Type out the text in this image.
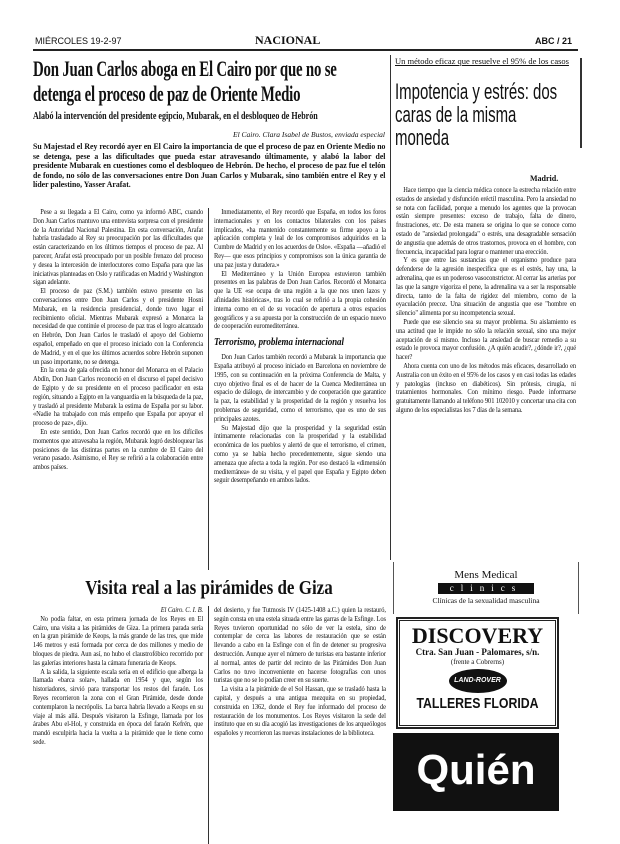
MIÉRCOLES 19-2-97	NACIONAL	ABC / 21
Don Juan Carlos aboga en El Cairo por que no se detenga el proceso de paz de Oriente Medio
Alabó la intervención del presidente egipcio, Mubarak, en el desbloqueo de Hebrón
El Cairo. Clara Isabel de Bustos, enviada especial
Su Majestad el Rey recordó ayer en El Cairo la importancia de que el proceso de paz en Oriente Medio no se detenga, pese a las dificultades que pueda estar atravesando últimamente, y alabó la labor del presidente Mubarak en cuestiones como el desbloqueo de Hebrón. De hecho, el proceso de paz fue el telón de fondo, no sólo de las conversaciones entre Don Juan Carlos y Mubarak, sino también entre el Rey y el líder palestino, Yasser Arafat.

Pese a su llegada a El Cairo, como ya informó ABC, cuando Don Juan Carlos mantuvo una entrevista sorpresa con el presidente de la Autoridad Nacional Palestina. En esta conversación, Arafat habría trasladado al Rey su preocupación por las dificultades que están caracterizando en los últimos tiempos el proceso de paz. Al parecer, Arafat está preocupado por un posible frenazo del proceso y desea la intercesión de interlocutores como España para que las iniciativas planteadas en Oslo y ratificadas en Madrid y Washington sigan adelante.

El proceso de paz (S.M.) también estuvo presente en las conversaciones entre Don Juan Carlos y el presidente Hosni Mubarak, en la residencia presidencial, donde tuvo lugar el recibimiento oficial. Mientras Mubarak expresó a Monarca la necesidad de que continúe el proceso de paz tras el logro alcanzado en Hebrón, Don Juan Carlos le trasladó el apoyo del Gobierno español, empeñado en que el proceso iniciado con la Conferencia de Madrid, y en el que los últimos acuerdos sobre Hebrón suponen un paso importante, no se detenga.

En la cena de gala ofrecida en honor del Monarca en el Palacio Abdín, Don Juan Carlos reconoció en el discurso el papel decisivo de Egipto y de su presidente en el proceso pacificador en esta región, situando a Egipto en la vanguardia en la búsqueda de la paz, y trasladó al presidente Mubarak la estima de España por su labor. «Nadie ha trabajado con más empeño que España por apoyar el proceso de paz», dijo.

En este sentido, Don Juan Carlos recordó que en los difíciles momentos que atravesaba la región, Mubarak logró desbloquear las posiciones de las distintas partes en la cumbre de El Cairo del verano pasado. Asimismo, el Rey se refirió a la colaboración entre ambos países.

Inmediatamente, el Rey recordó que España, en todos los foros internacionales y en los contactos bilaterales con los países implicados, «ha mantenido constantemente su firme apoyo a la aplicación completa y leal de los compromisos adquiridos en la Cumbre de Madrid y en los acuerdos de Oslo». «España —añadió el Rey— que esos principios y compromisos son la única garantía de una paz justa y duradera.»

El Mediterráneo y la Unión Europea estuvieron también presentes en las palabras de Don Juan Carlos. Recordó el Monarca que la UE «se ocupa de una región a la que nos unen lazos y afinidades históricas», tras lo cual se refirió a la propia cohesión interna como en el de su vocación de apertura a otros espacios geográficos y a su apuesta por la construcción de un espacio nuevo de cooperación euromediterránea.

Terrorismo, problema internacional

Don Juan Carlos también recordó a Mubarak la importancia que España atribuyó al proceso iniciado en Barcelona en noviembre de 1995, con su continuación en la próxima Conferencia de Malta, y cuyo objetivo final es el de hacer de la Cuenca Mediterránea un espacio de diálogo, de intercambio y de cooperación que garantice la paz, la estabilidad y la prosperidad de la región y resuelva los problemas de seguridad, como el terrorismo, que es uno de sus principales azotes.

Su Majestad dijo que la prosperidad y la seguridad están íntimamente relacionadas con la prosperidad y la estabilidad económica de los pueblos y alertó de que el terrorismo, el crimen, como ya se había hecho precedentemente, sigue siendo una amenaza que afecta a toda la región. Por eso destacó la «dimensión mediterránea» de su visita, y el papel que España y Egipto deben seguir desempeñando en ambos lados.

Visita real a las pirámides de Giza
El Cairo. C. I. B.

No podía faltar, en esta primera jornada de los Reyes en El Cairo, una visita a las pirámides de Giza. La primera parada sería en la gran pirámide de Keops, la más grande de las tres, que mide 146 metros y está formada por cerca de dos millones y medio de bloques de piedra. Aun así, no hubo el claustrofóbico recorrido por las galerías interiores hasta la cámara funeraria de Keops.

A la salida, la siguiente escala sería en el edificio que alberga la llamada «barca solar», hallada en 1954 y que, según los historiadores, sirvió para transportar los restos del faraón. Los Reyes recorrieron la zona con el Gran Pirámide, desde donde contemplaron la necrópolis. La barca habría llevado a Keops en su viaje al más allá. Después visitaron la Esfinge, llamada por los árabes Abu el-Hol, y construida en época del faraón Kefrén, que mandó esculpirla hacia la vuelta a la pirámide que le tiene como sede.

del desierto, y fue Tutmosis IV (1425-1408 a.C.) quien la restauró, según consta en una estela situada entre las garras de la Esfinge. Los Reyes tuvieron oportunidad no sólo de ver la estela, sino de contemplar de cerca las labores de restauración que se están llevando a cabo en la Esfinge con el fin de detener su progresiva destrucción. Aunque ayer el número de turistas era bastante inferior al normal, antes de partir del recinto de las Pirámides Don Juan Carlos no tuvo inconveniente en hacerse fotografías con unos turistas que no se lo podían creer en su suerte.

La visita a la pirámide de el Sol Hassan, que se trasladó hasta la capital, y después a una antigua mezquita en su propiedad, construida en 1362, donde el Rey fue informado del proceso de restauración de los monumentos. Los Reyes visitaron la sede del instituto que en su día acogió las investigaciones de los arqueólogos españoles y recorrieron las nuevas instalaciones de la biblioteca.

Un método eficaz que resuelve el 95% de los casos
Impotencia y estrés: dos caras de la misma moneda
Madrid.

Hace tiempo que la ciencia médica conoce la estrecha relación entre estados de ansiedad y disfunción eréctil masculina. Pero la ansiedad no se nota con facilidad, porque a menudo los agentes que la provocan están siempre presentes: exceso de trabajo, falta de dinero, frustraciones, etc. De esta manera se origina lo que se conoce como estado de "ansiedad prolongada" o estrés, una desagradable sensación de angustia que además de otros trastornos, provoca en el hombre, con frecuencia, incapacidad para lograr o mantener una erección.

Y es que entre las sustancias que el organismo produce para defenderse de la agresión inespecífica que es el estrés, hay una, la adrenalina, que es un poderoso vasoconstrictor. Al cerrar las arterias por las que la sangre vigoriza el pene, la adrenalina va a ser la responsable directa, tanto de la falta de rigidez del miembro, como de la eyaculación precoz. Una situación de angustia que ese "hombre en silencio" alimenta por su incompetencia sexual.

Puede que ese silencio sea su mayor problema. Su aislamiento es una actitud que le impide no sólo la relación sexual, sino una mejor aceptación de sí mismo. Incluso la ansiedad de buscar remedio a su estado le provoca mayor confusión. ¿A quién acudir?, ¿dónde ir?, ¿qué hacer?

Ahora cuenta con uno de los métodos más eficaces, desarrollado en Australia con un éxito en el 95% de los casos y en casi todas las edades y patologías (incluso en diabéticos). Sin prótesis, cirugía, ni tratamientos hormonales. Con mínimo riesgo. Puede informarse gratuitamente llamando al teléfono 901 102010 y concertar una cita con alguno de los especialistas los 7 días de la semana.

Mens Medical
clinics
Clínicas de la sexualidad masculina
DISCOVERY
Ctra. San Juan - Palomares, s/n.
(frente a Cobrerns)
LAND-ROVER
TALLERES FLORIDA
Quién
